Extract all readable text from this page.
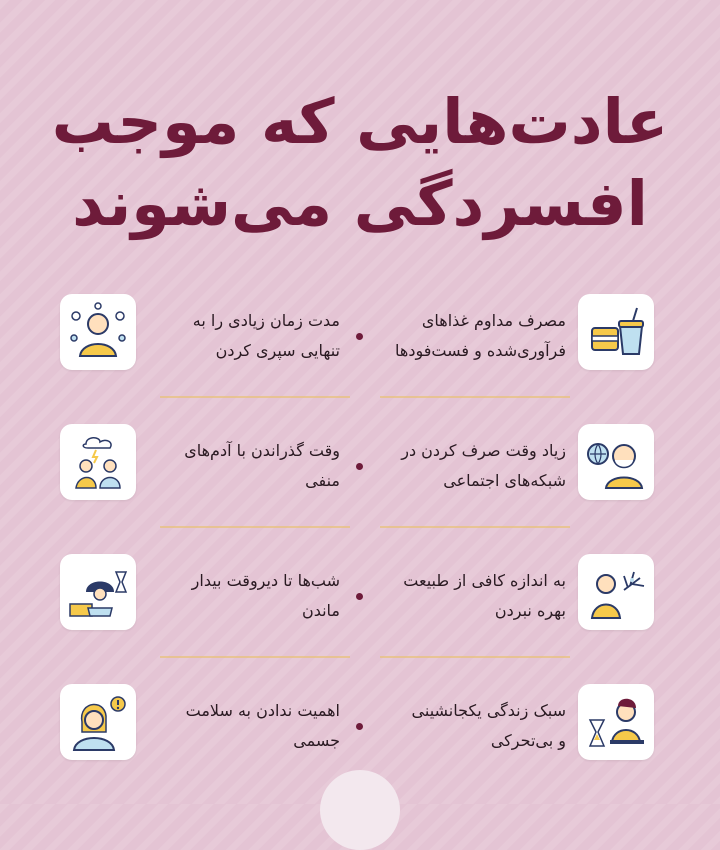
عادت‌هایی که موجب
افسردگی می‌شوند
مصرف مداوم غذاهای
فرآوری‌شده و فست‌فودها
مدت زمان زیادی را به
تنهایی سپری کردن
زیاد وقت صرف کردن در
شبکه‌های اجتماعی
وقت گذراندن با آدم‌های
منفی
به اندازه کافی از طبیعت
بهره نبردن
شب‌ها تا دیروقت بیدار
ماندن
سبک زندگی یکجانشینی
و بی‌تحرکی
اهمیت ندادن به سلامت
جسمی
